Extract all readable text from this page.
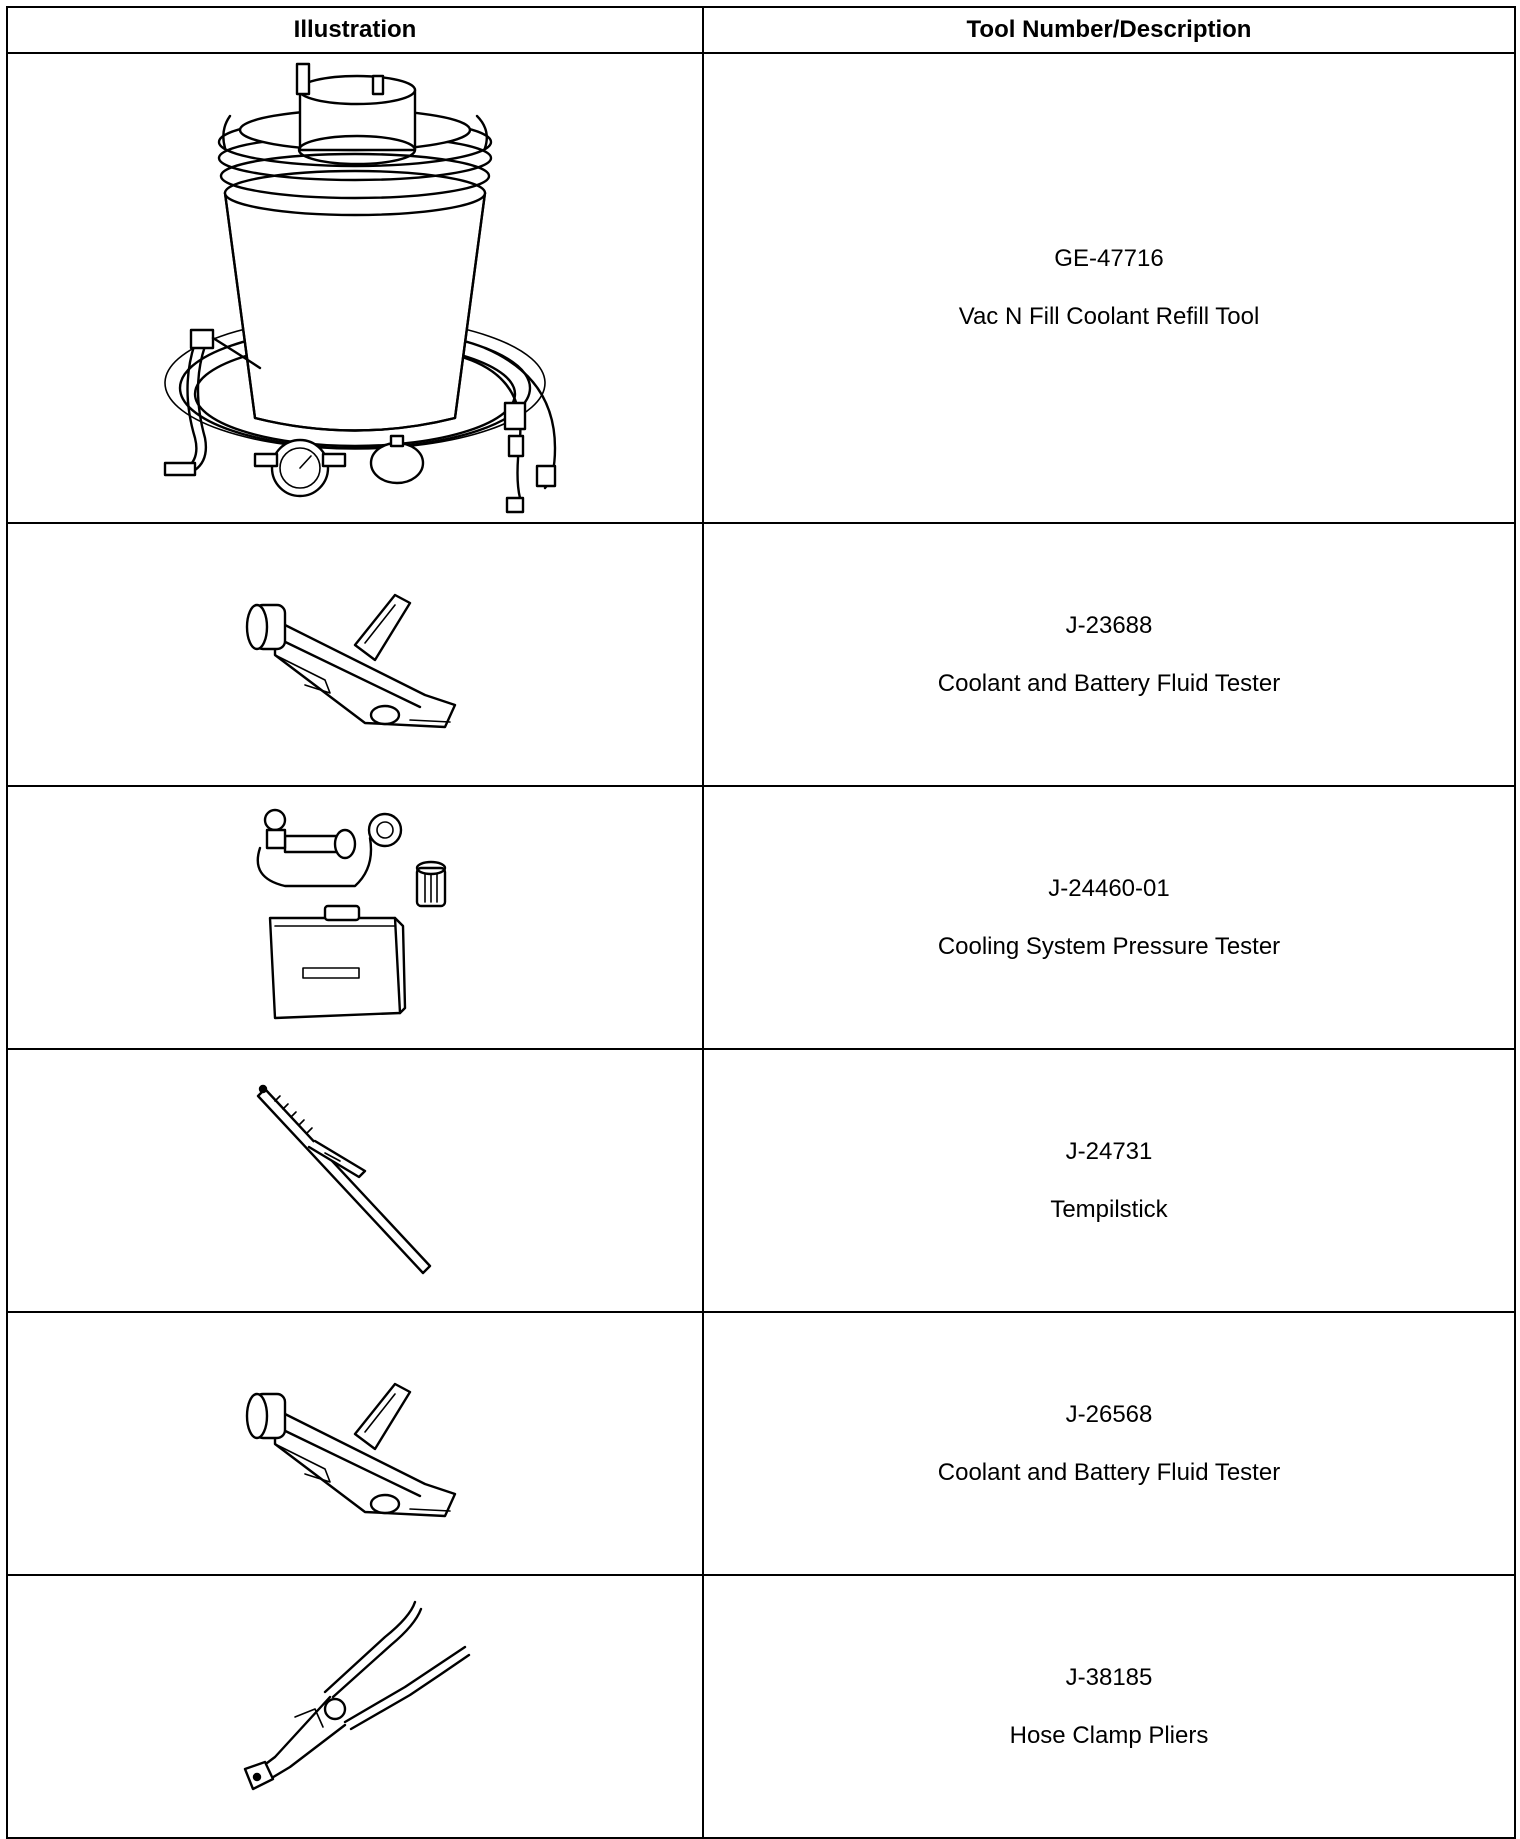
Illustration	Tool Number/Description

GE-47716
Vac N Fill Coolant Refill Tool

J-23688
Coolant and Battery Fluid Tester

J-24460-01
Cooling System Pressure Tester

J-24731
Tempilstick

J-26568
Coolant and Battery Fluid Tester

J-38185
Hose Clamp Pliers
